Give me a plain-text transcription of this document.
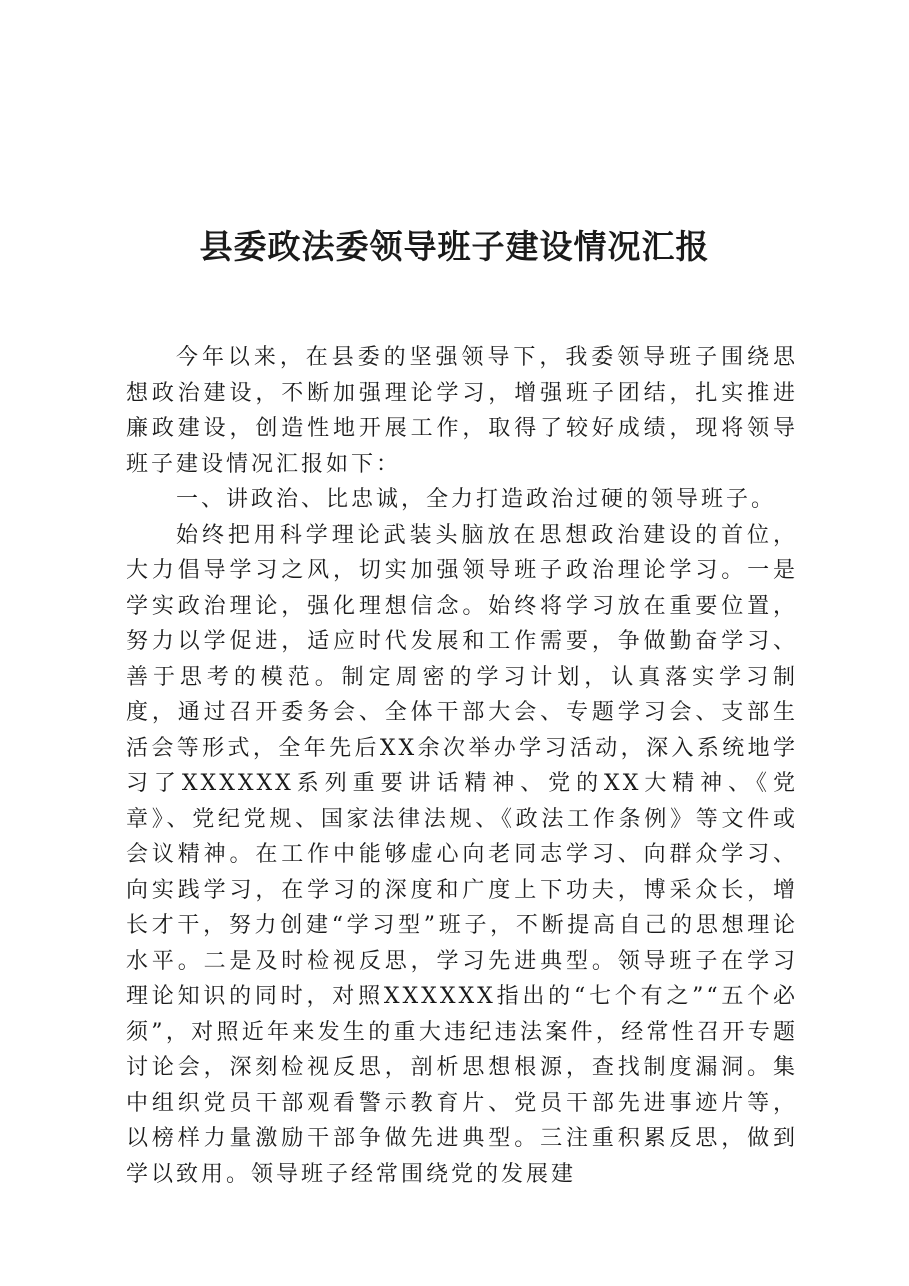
县委政法委领导班子建设情况汇报

今年以来，在县委的坚强领导下，我委领导班子围绕思想政治建设，不断加强理论学习，增强班子团结，扎实推进廉政建设，创造性地开展工作，取得了较好成绩，现将领导班子建设情况汇报如下：

一、讲政治、比忠诚，全力打造政治过硬的领导班子。

始终把用科学理论武装头脑放在思想政治建设的首位，大力倡导学习之风，切实加强领导班子政治理论学习。一是学实政治理论，强化理想信念。始终将学习放在重要位置，努力以学促进，适应时代发展和工作需要，争做勤奋学习、善于思考的模范。制定周密的学习计划，认真落实学习制度，通过召开委务会、全体干部大会、专题学习会、支部生活会等形式，全年先后XX余次举办学习活动，深入系统地学习了XXXXXX系列重要讲话精神、党的XX大精神、《党章》、党纪党规、国家法律法规、《政法工作条例》等文件或会议精神。在工作中能够虚心向老同志学习、向群众学习、向实践学习，在学习的深度和广度上下功夫，博采众长，增长才干，努力创建“学习型”班子，不断提高自己的思想理论水平。二是及时检视反思，学习先进典型。领导班子在学习理论知识的同时，对照XXXXXX指出的“七个有之”“五个必须”，对照近年来发生的重大违纪违法案件，经常性召开专题讨论会，深刻检视反思，剖析思想根源，查找制度漏洞。集中组织党员干部观看警示教育片、党员干部先进事迹片等，以榜样力量激励干部争做先进典型。三注重积累反思，做到学以致用。领导班子经常围绕党的发展建
